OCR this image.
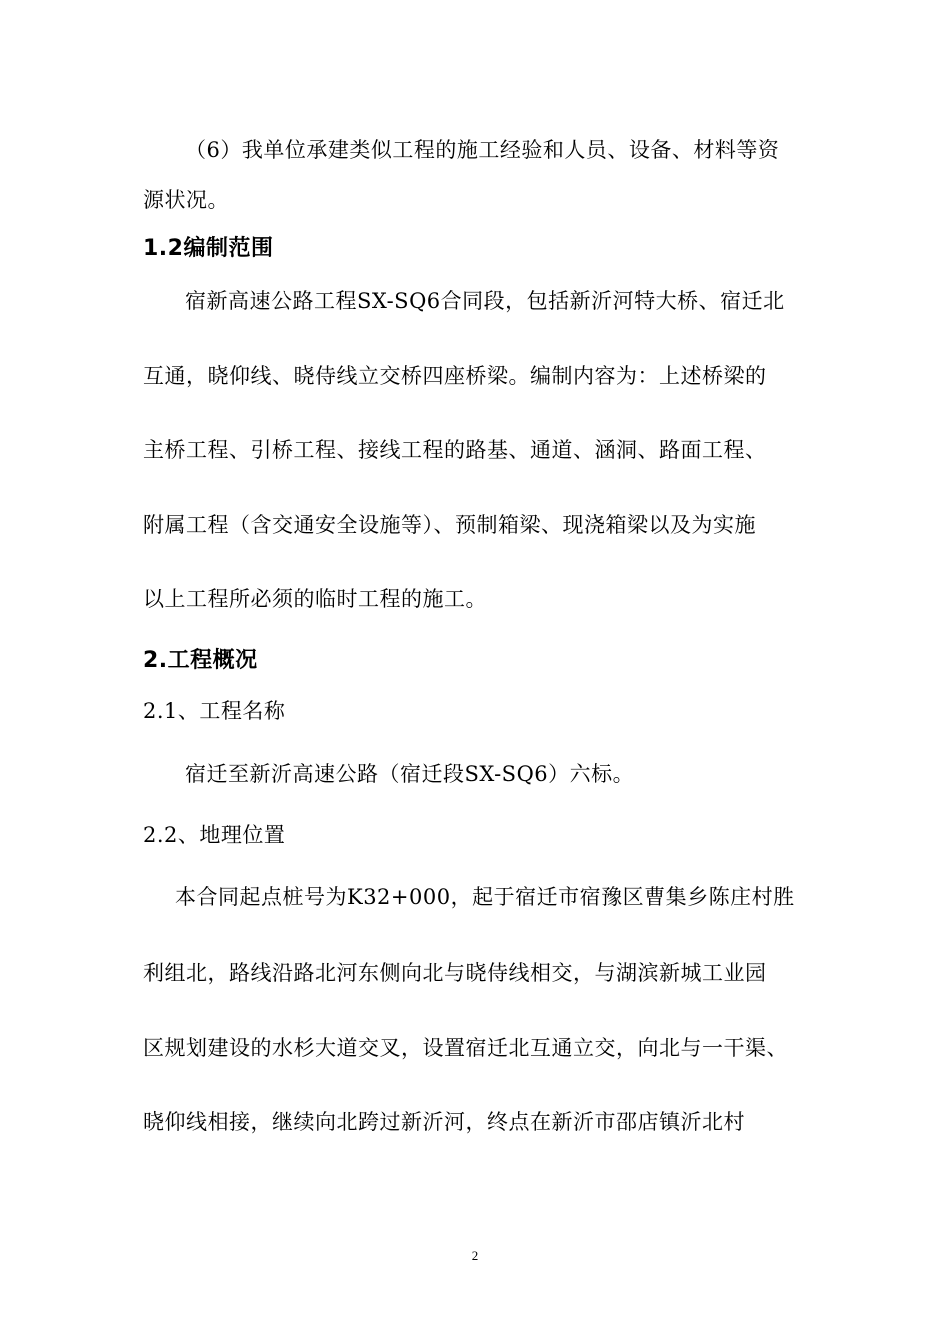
（6）我单位承建类似工程的施工经验和人员、设备、材料等资
源状况。
1.2编制范围
宿新高速公路工程SX-SQ6合同段，包括新沂河特大桥、宿迁北
互通，晓仰线、晓侍线立交桥四座桥梁。编制内容为：上述桥梁的
主桥工程、引桥工程、接线工程的路基、通道、涵洞、路面工程、
附属工程（含交通安全设施等）、预制箱梁、现浇箱梁以及为实施
以上工程所必须的临时工程的施工。
2.工程概况
2.1、工程名称
宿迁至新沂高速公路（宿迁段SX-SQ6）六标。
2.2、地理位置
本合同起点桩号为K32+000，起于宿迁市宿豫区曹集乡陈庄村胜
利组北，路线沿路北河东侧向北与晓侍线相交，与湖滨新城工业园
区规划建设的水杉大道交叉，设置宿迁北互通立交，向北与一干渠、
晓仰线相接，继续向北跨过新沂河，终点在新沂市邵店镇沂北村
2
